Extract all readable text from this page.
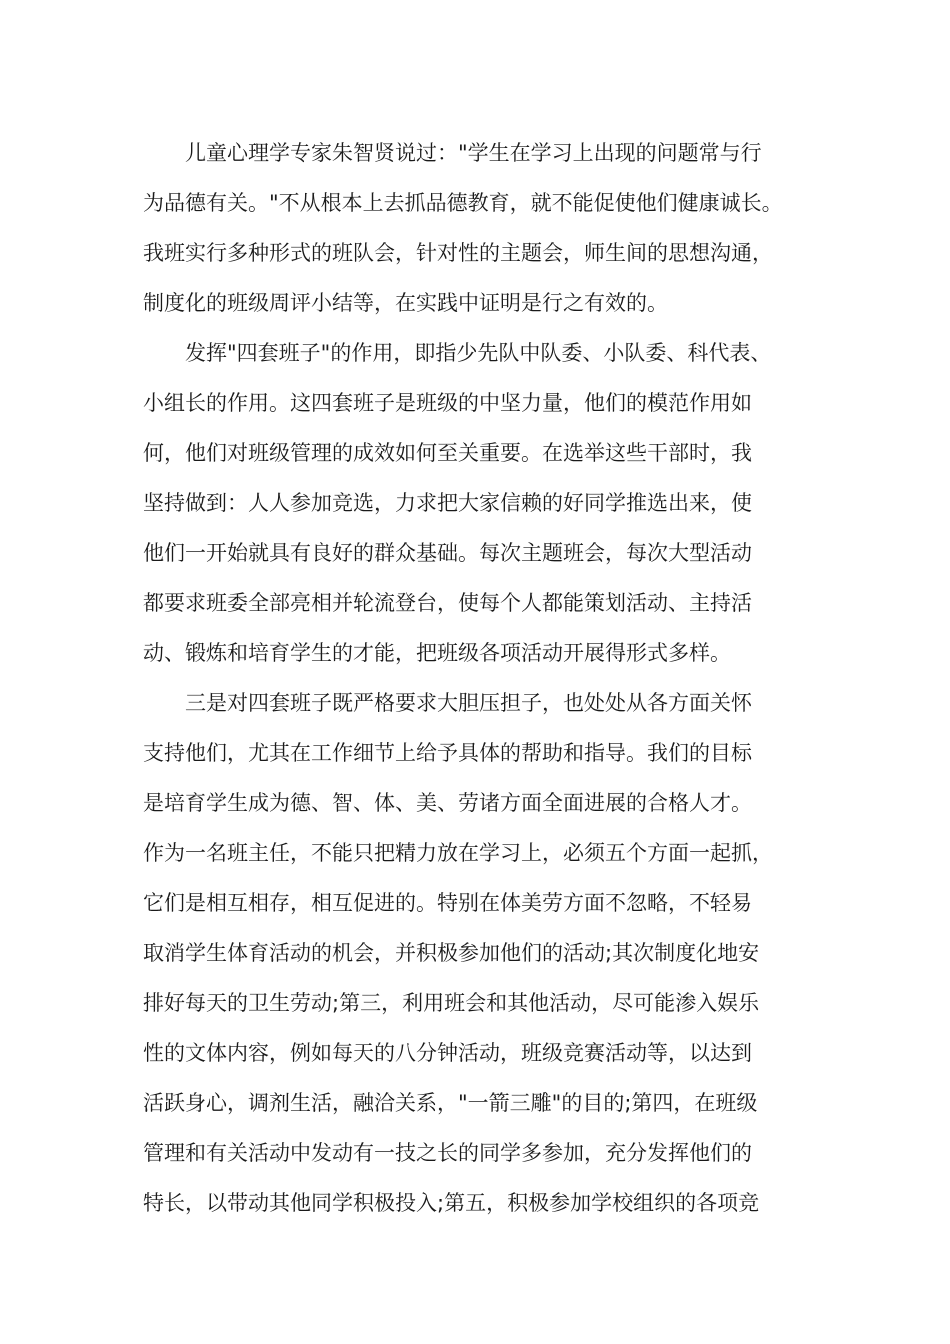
儿童心理学专家朱智贤说过："学生在学习上出现的问题常与行
为品德有关。"不从根本上去抓品德教育，就不能促使他们健康诚长。
我班实行多种形式的班队会，针对性的主题会，师生间的思想沟通，
制度化的班级周评小结等，在实践中证明是行之有效的。
发挥"四套班子"的作用，即指少先队中队委、小队委、科代表、
小组长的作用。这四套班子是班级的中坚力量，他们的模范作用如
何，他们对班级管理的成效如何至关重要。在选举这些干部时，我
坚持做到：人人参加竞选，力求把大家信赖的好同学推选出来，使
他们一开始就具有良好的群众基础。每次主题班会，每次大型活动
都要求班委全部亮相并轮流登台，使每个人都能策划活动、主持活
动、锻炼和培育学生的才能，把班级各项活动开展得形式多样。
三是对四套班子既严格要求大胆压担子，也处处从各方面关怀
支持他们，尤其在工作细节上给予具体的帮助和指导。我们的目标
是培育学生成为德、智、体、美、劳诸方面全面进展的合格人才。
作为一名班主任，不能只把精力放在学习上，必须五个方面一起抓，
它们是相互相存，相互促进的。特别在体美劳方面不忽略，不轻易
取消学生体育活动的机会，并积极参加他们的活动;其次制度化地安
排好每天的卫生劳动;第三，利用班会和其他活动，尽可能渗入娱乐
性的文体内容，例如每天的八分钟活动，班级竞赛活动等，以达到
活跃身心，调剂生活，融洽关系，"一箭三雕"的目的;第四，在班级
管理和有关活动中发动有一技之长的同学多参加，充分发挥他们的
特长，以带动其他同学积极投入;第五，积极参加学校组织的各项竞
